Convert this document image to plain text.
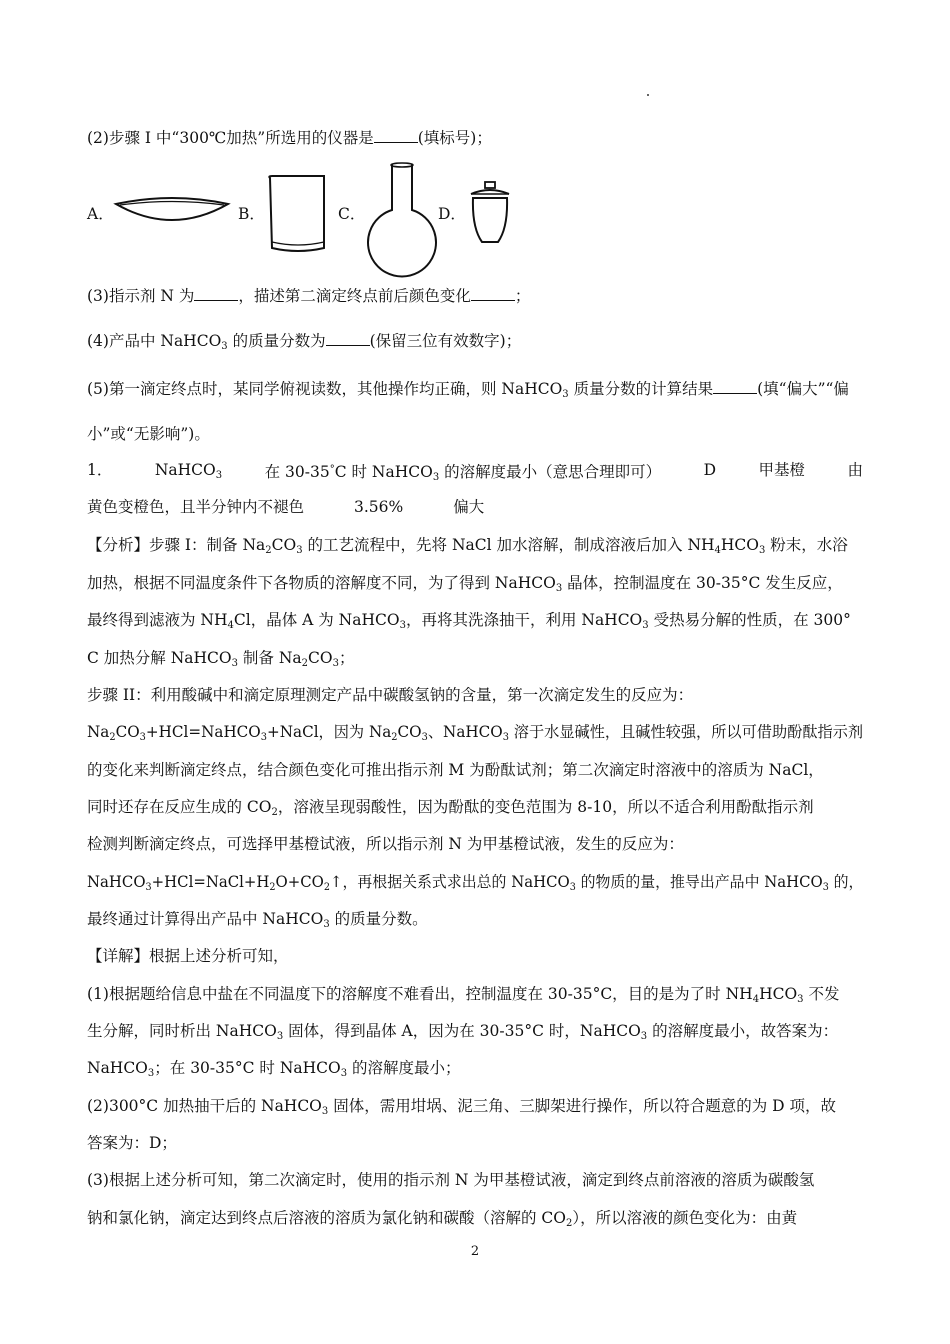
(2)步骤 I 中“300℃加热”所选用的仪器是	(填标号)；
A．	B．	C．	D．
(3)指示剂 N 为	，描述第二滴定终点前后颜色变化	；
(4)产品中 NaHCO$_3$ 的质量分数为	(保留三位有效数字)；
(5)第一滴定终点时，某同学俯视读数，其他操作均正确，则 NaHCO$_3$ 质量分数的计算结果	(填“偏大”“偏
小”或“无影响”)。
1．	NaHCO$_3$	在 30-35°C 时 NaHCO$_3$ 的溶解度最小（意思合理即可）	D	甲基橙	由
黄色变橙色，且半分钟内不褪色	3.56%	偏大
【分析】步骤 I：制备 $Na_2CO_3$ 的工艺流程中，先将 NaCl 加水溶解，制成溶液后加入 $NH_4HCO_3$ 粉末，水浴
加热，根据不同温度条件下各物质的溶解度不同，为了得到 NaHCO$_3$ 晶体，控制温度在 30-35°C 发生反应，
最终得到滤液为 $NH_4Cl$，晶体 A 为 NaHCO$_3$，再将其洗涤抽干，利用 NaHCO$_3$ 受热易分解的性质，在 300°
C 加热分解 NaHCO$_3$ 制备 $Na_2CO_3$；
步骤 II：利用酸碱中和滴定原理测定产品中碳酸氢钠的含量，第一次滴定发生的反应为：
$Na_2CO_3+HCl=NaHCO_3+NaCl$，因为 $Na_2CO_3$、NaHCO$_3$ 溶于水显碱性，且碱性较强，所以可借助酚酞指示剂
的变化来判断滴定终点，结合颜色变化可推出指示剂 M 为酚酞试剂；第二次滴定时溶液中的溶质为 NaCl，
同时还存在反应生成的 $CO_2$，溶液呈现弱酸性，因为酚酞的变色范围为 8-10，所以不适合利用酚酞指示剂
检测判断滴定终点，可选择甲基橙试液，所以指示剂 N 为甲基橙试液，发生的反应为：
$NaHCO_3+HCl=NaCl+H_2O+CO_2↑$，再根据关系式求出总的 NaHCO$_3$ 的物质的量，推导出产品中 NaHCO$_3$ 的，
最终通过计算得出产品中 NaHCO$_3$ 的质量分数。
【详解】根据上述分析可知，
(1)根据题给信息中盐在不同温度下的溶解度不难看出，控制温度在 30-35°C，目的是为了时 $NH_4HCO_3$ 不发
生分解，同时析出 NaHCO$_3$ 固体，得到晶体 A，因为在 30-35°C 时，NaHCO$_3$ 的溶解度最小，故答案为：
NaHCO$_3$；在 30-35°C 时 NaHCO$_3$ 的溶解度最小；
(2)300°C 加热抽干后的 NaHCO$_3$ 固体，需用坩埚、泥三角、三脚架进行操作，所以符合题意的为 D 项，故
答案为：D；
(3)根据上述分析可知，第二次滴定时，使用的指示剂 N 为甲基橙试液，滴定到终点前溶液的溶质为碳酸氢
钠和氯化钠，滴定达到终点后溶液的溶质为氯化钠和碳酸（溶解的 $CO_2$），所以溶液的颜色变化为：由黄
2
